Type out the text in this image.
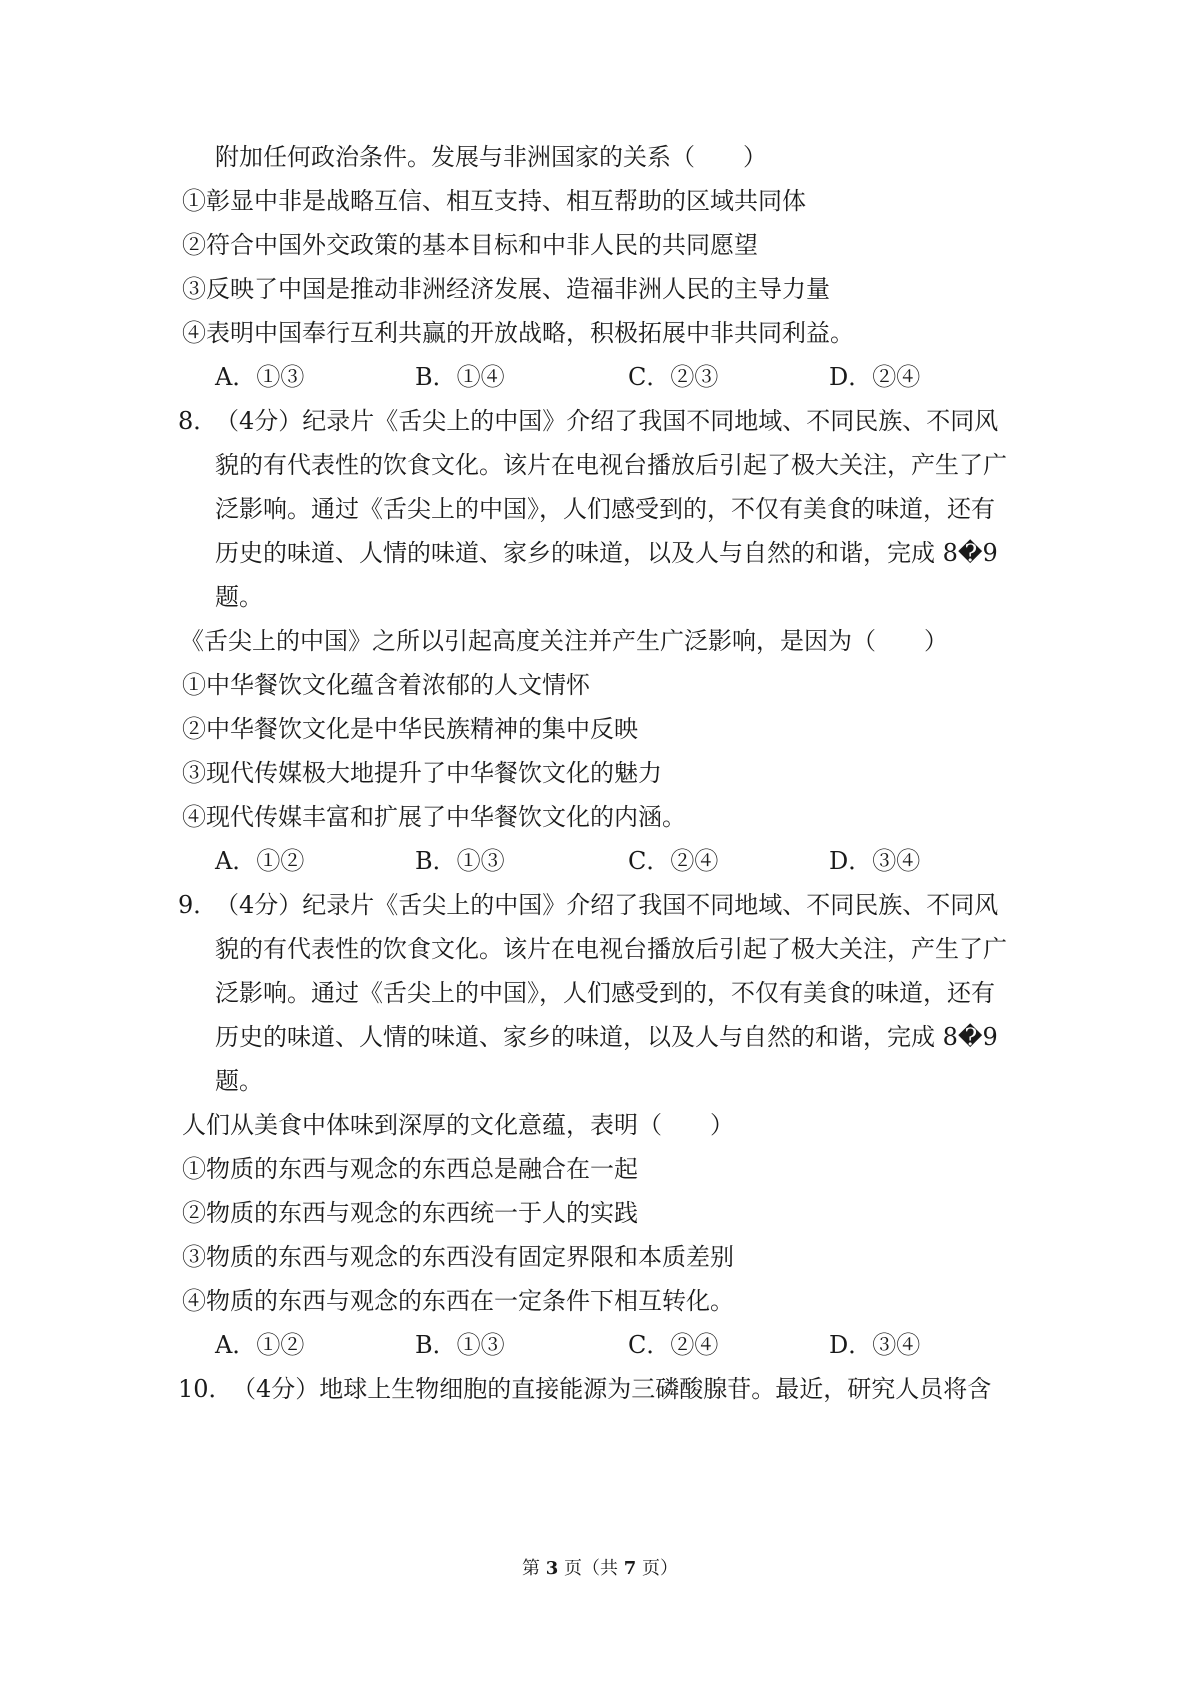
附加任何政治条件。发展与非洲国家的关系（　　）
①彰显中非是战略互信、相互支持、相互帮助的区域共同体
②符合中国外交政策的基本目标和中非人民的共同愿望
③反映了中国是推动非洲经济发展、造福非洲人民的主导力量
④表明中国奉行互利共赢的开放战略，积极拓展中非共同利益。
A．①③	B．①④	C．②③	D．②④
8．
（4分）纪录片《舌尖上的中国》介绍了我国不同地域、不同民族、不同风
貌的有代表性的饮食文化。该片在电视台播放后引起了极大关注，产生了广
泛影响。通过《舌尖上的中国》，人们感受到的，不仅有美食的味道，还有
历史的味道、人情的味道、家乡的味道，以及人与自然的和谐，完成 8�9
题。
《舌尖上的中国》之所以引起高度关注并产生广泛影响，是因为（　　）
①中华餐饮文化蕴含着浓郁的人文情怀
②中华餐饮文化是中华民族精神的集中反映
③现代传媒极大地提升了中华餐饮文化的魅力
④现代传媒丰富和扩展了中华餐饮文化的内涵。
A．①②	B．①③	C．②④	D．③④
9．
（4分）纪录片《舌尖上的中国》介绍了我国不同地域、不同民族、不同风
貌的有代表性的饮食文化。该片在电视台播放后引起了极大关注，产生了广
泛影响。通过《舌尖上的中国》，人们感受到的，不仅有美食的味道，还有
历史的味道、人情的味道、家乡的味道，以及人与自然的和谐，完成 8�9
题。
人们从美食中体味到深厚的文化意蕴，表明（　　）
①物质的东西与观念的东西总是融合在一起
②物质的东西与观念的东西统一于人的实践
③物质的东西与观念的东西没有固定界限和本质差别
④物质的东西与观念的东西在一定条件下相互转化。
A．①②	B．①③	C．②④	D．③④
10． （4分）地球上生物细胞的直接能源为三磷酸腺苷。最近，研究人员将含
第 3 页（共 7 页）
